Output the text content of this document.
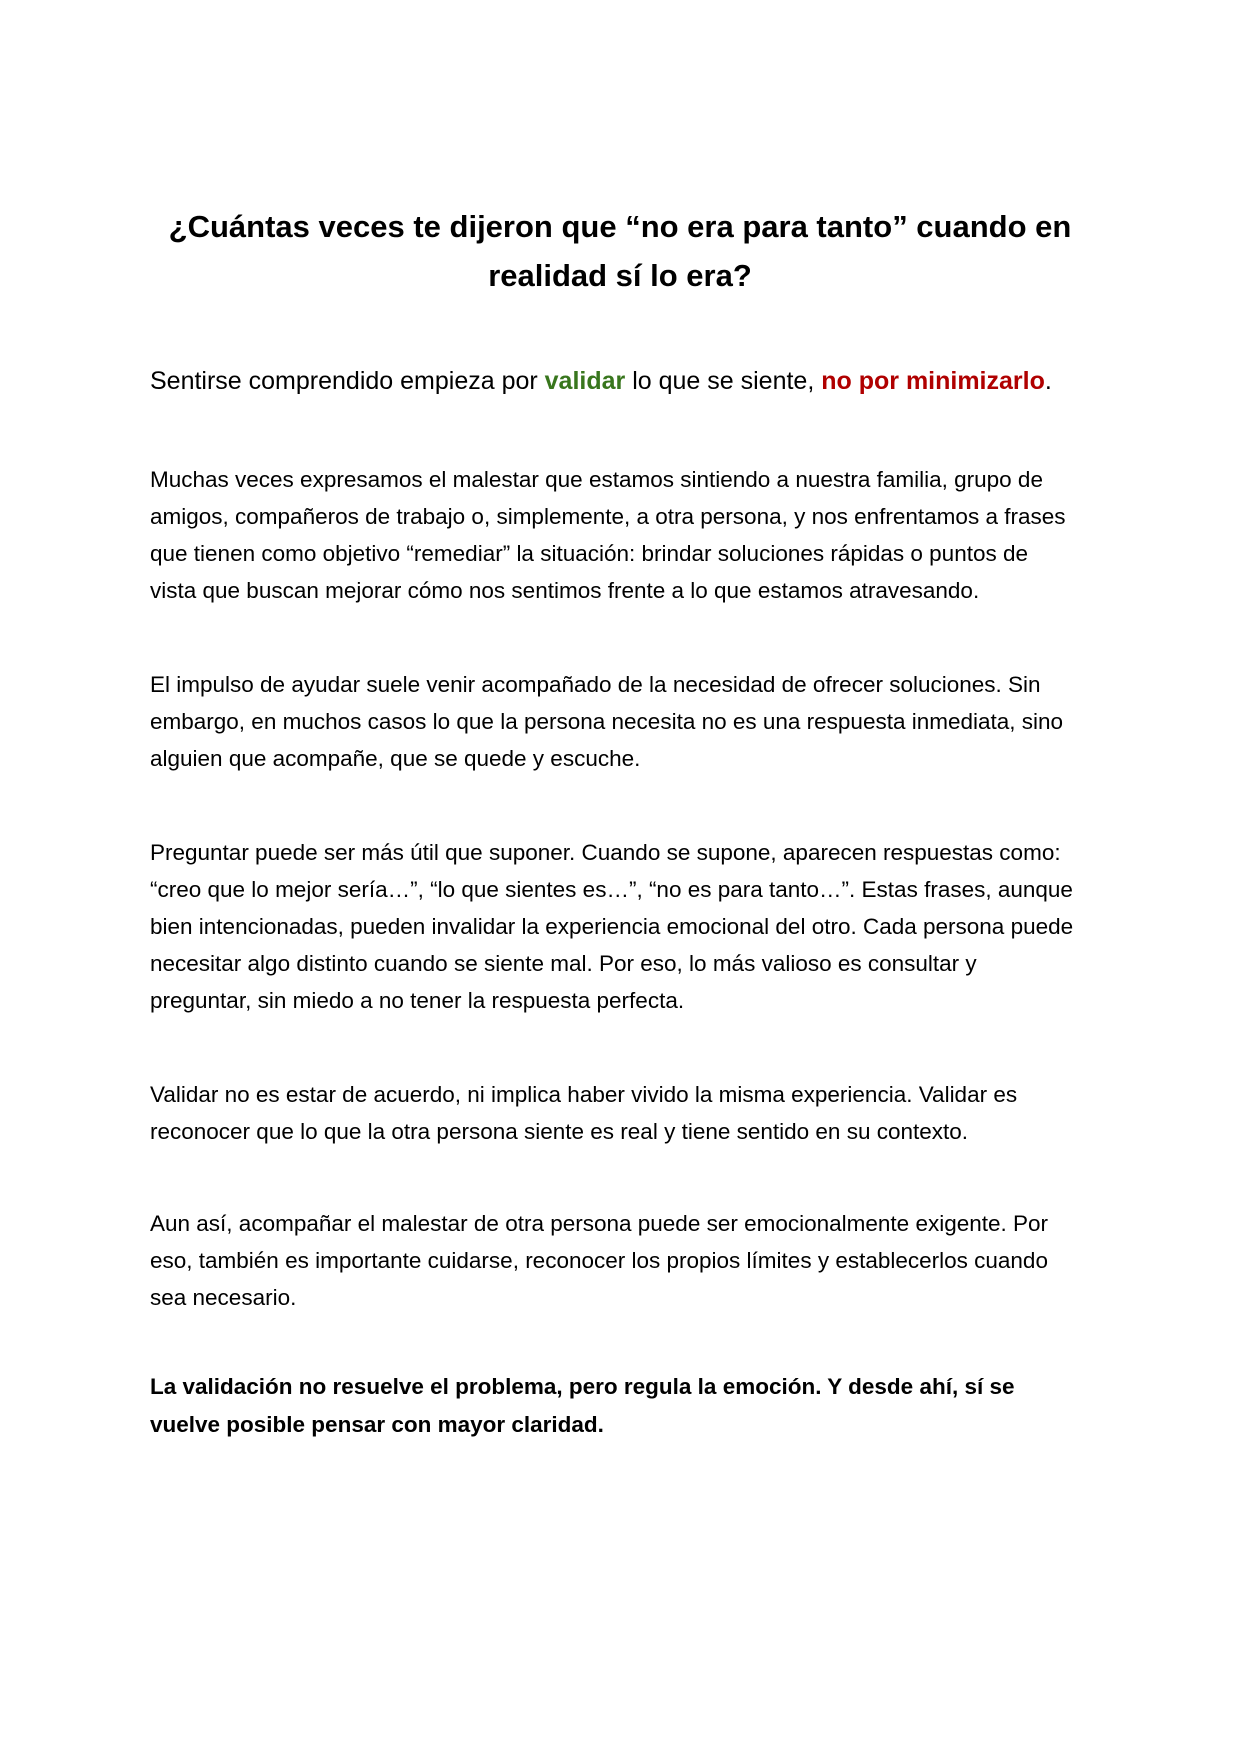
¿Cuántas veces te dijeron que “no era para tanto” cuando en
realidad sí lo era?

Sentirse comprendido empieza por validar lo que se siente, no por minimizarlo.

Muchas veces expresamos el malestar que estamos sintiendo a nuestra familia, grupo de
amigos, compañeros de trabajo o, simplemente, a otra persona, y nos enfrentamos a frases
que tienen como objetivo “remediar” la situación: brindar soluciones rápidas o puntos de
vista que buscan mejorar cómo nos sentimos frente a lo que estamos atravesando.

El impulso de ayudar suele venir acompañado de la necesidad de ofrecer soluciones. Sin
embargo, en muchos casos lo que la persona necesita no es una respuesta inmediata, sino
alguien que acompañe, que se quede y escuche.

Preguntar puede ser más útil que suponer. Cuando se supone, aparecen respuestas como:
“creo que lo mejor sería…”, “lo que sientes es…”, “no es para tanto…”. Estas frases, aunque
bien intencionadas, pueden invalidar la experiencia emocional del otro. Cada persona puede
necesitar algo distinto cuando se siente mal. Por eso, lo más valioso es consultar y
preguntar, sin miedo a no tener la respuesta perfecta.

Validar no es estar de acuerdo, ni implica haber vivido la misma experiencia. Validar es
reconocer que lo que la otra persona siente es real y tiene sentido en su contexto.

Aun así, acompañar el malestar de otra persona puede ser emocionalmente exigente. Por
eso, también es importante cuidarse, reconocer los propios límites y establecerlos cuando
sea necesario.

La validación no resuelve el problema, pero regula la emoción. Y desde ahí, sí se
vuelve posible pensar con mayor claridad.
